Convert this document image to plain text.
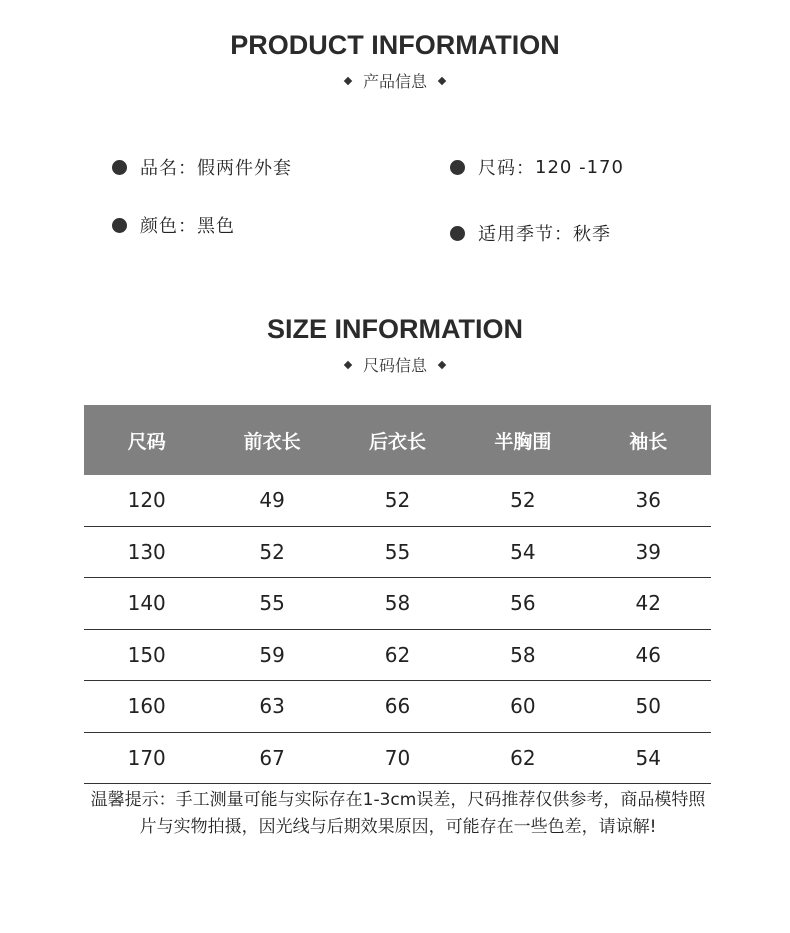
PRODUCT INFORMATION
产品信息
品名 ： 假两件外套	尺码 ： 120 -170
颜色 ： 黑色	适用季节 ： 秋季
SIZE INFORMATION
尺码信息
尺码	前衣长	后衣长	半胸围	袖长
120	49	52	52	36
130	52	55	54	39
140	55	58	56	42
150	59	62	58	46
160	63	66	60	50
170	67	70	62	54
温馨提示：手工测量可能与实际存在1-3cm误差，尺码推荐仅供参考，商品模特照片与实物拍摄，因光线与后期效果原因，可能存在一些色差，请谅解!
